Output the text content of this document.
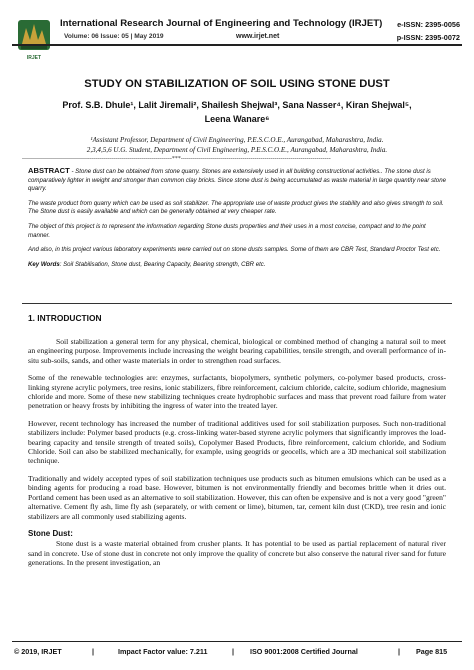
IRJET
International Research Journal of Engineering and Technology (IRJET) e-ISSN: 2395-0056
Volume: 06 Issue: 05 | May 2019	www.irjet.net	p-ISSN: 2395-0072
STUDY ON STABILIZATION OF SOIL USING STONE DUST
Prof. S.B. Dhule¹, Lalit Jiremali², Shailesh Shejwal³, Sana Nasser⁴, Kiran Shejwal⁵,
Leena Wanare⁶
¹Assistant Professor, Department of Civil Engineering, P.E.S.C.O.E., Aurangabad, Maharashtra, India.
2,3,4,5,6 U.G. Student, Department of Civil Engineering, P.E.S.C.O.E., Aurangabad, Maharashtra, India.
---------------------------------------------------------------------------***---------------------------------------------------------------------------

ABSTRACT - Stone dust can be obtained from stone quarry. Stones are extensively used in all building constructional activities.. The stone dust is comparatively lighter in weight and stronger than common clay bricks. Since stone dust is being accumulated as waste material in large quantity near stone quarry.

The waste product from quarry which can be used as soil stabilizer. The appropriate use of waste product gives the stability and also gives strength to soil. The Stone dust is easily available and which can be generally obtained at very cheaper rate.

The object of this project is to represent the information regarding Stone dusts properties and their uses in a most concise, compact and to the point manner.

And also, in this project various laboratory experiments were carried out on stone dusts samples. Some of them are CBR Test, Standard Proctor Test etc.

Key Words: Soil Stabilisation, Stone dust, Bearing Capacity, Bearing strength, CBR etc.

1. INTRODUCTION

Soil stabilization a general term for any physical, chemical, biological or combined method of changing a natural soil to meet an engineering purpose. Improvements include increasing the weight bearing capabilities, tensile strength, and overall performance of in-situ sub-soils, sands, and other waste materials in order to strengthen road surfaces.

Some of the renewable technologies are: enzymes, surfactants, biopolymers, synthetic polymers, co-polymer based products, cross-linking styrene acrylic polymers, tree resins, ionic stabilizers, fibre reinforcement, calcium chloride, calcite, sodium chloride, magnesium chloride and more. Some of these new stabilizing techniques create hydrophobic surfaces and mass that prevent road failure from water penetration or heavy frosts by inhibiting the ingress of water into the treated layer.

However, recent technology has increased the number of traditional additives used for soil stabilization purposes. Such non-traditional stabilizers include: Polymer based products (e.g. cross-linking water-based styrene acrylic polymers that significantly improves the load-bearing capacity and tensile strength of treated soils), Copolymer Based Products, fibre reinforcement, calcium chloride, and Sodium Chloride. Soil can also be stabilized mechanically, for example, using geogrids or geocells, which are a 3D mechanical soil stabilization technique.

Traditionally and widely accepted types of soil stabilization techniques use products such as bitumen emulsions which can be used as a binding agents for producing a road base. However, bitumen is not environmentally friendly and becomes brittle when it dries out. Portland cement has been used as an alternative to soil stabilization. However, this can often be expensive and is not a very good "green" alternative. Cement fly ash, lime fly ash (separately, or with cement or lime), bitumen, tar, cement kiln dust (CKD), tree resin and ionic stabilizers are all commonly used stabilizing agents.

Stone Dust:

Stone dust is a waste material obtained from crusher plants. It has potential to be used as partial replacement of natural river sand in concrete. Use of stone dust in concrete not only improve the quality of concrete but also conserve the natural river sand for future generations. In the present investigation, an

© 2019, IRJET	|	Impact Factor value: 7.211	| ISO 9001:2008 Certified Journal	| Page 815
